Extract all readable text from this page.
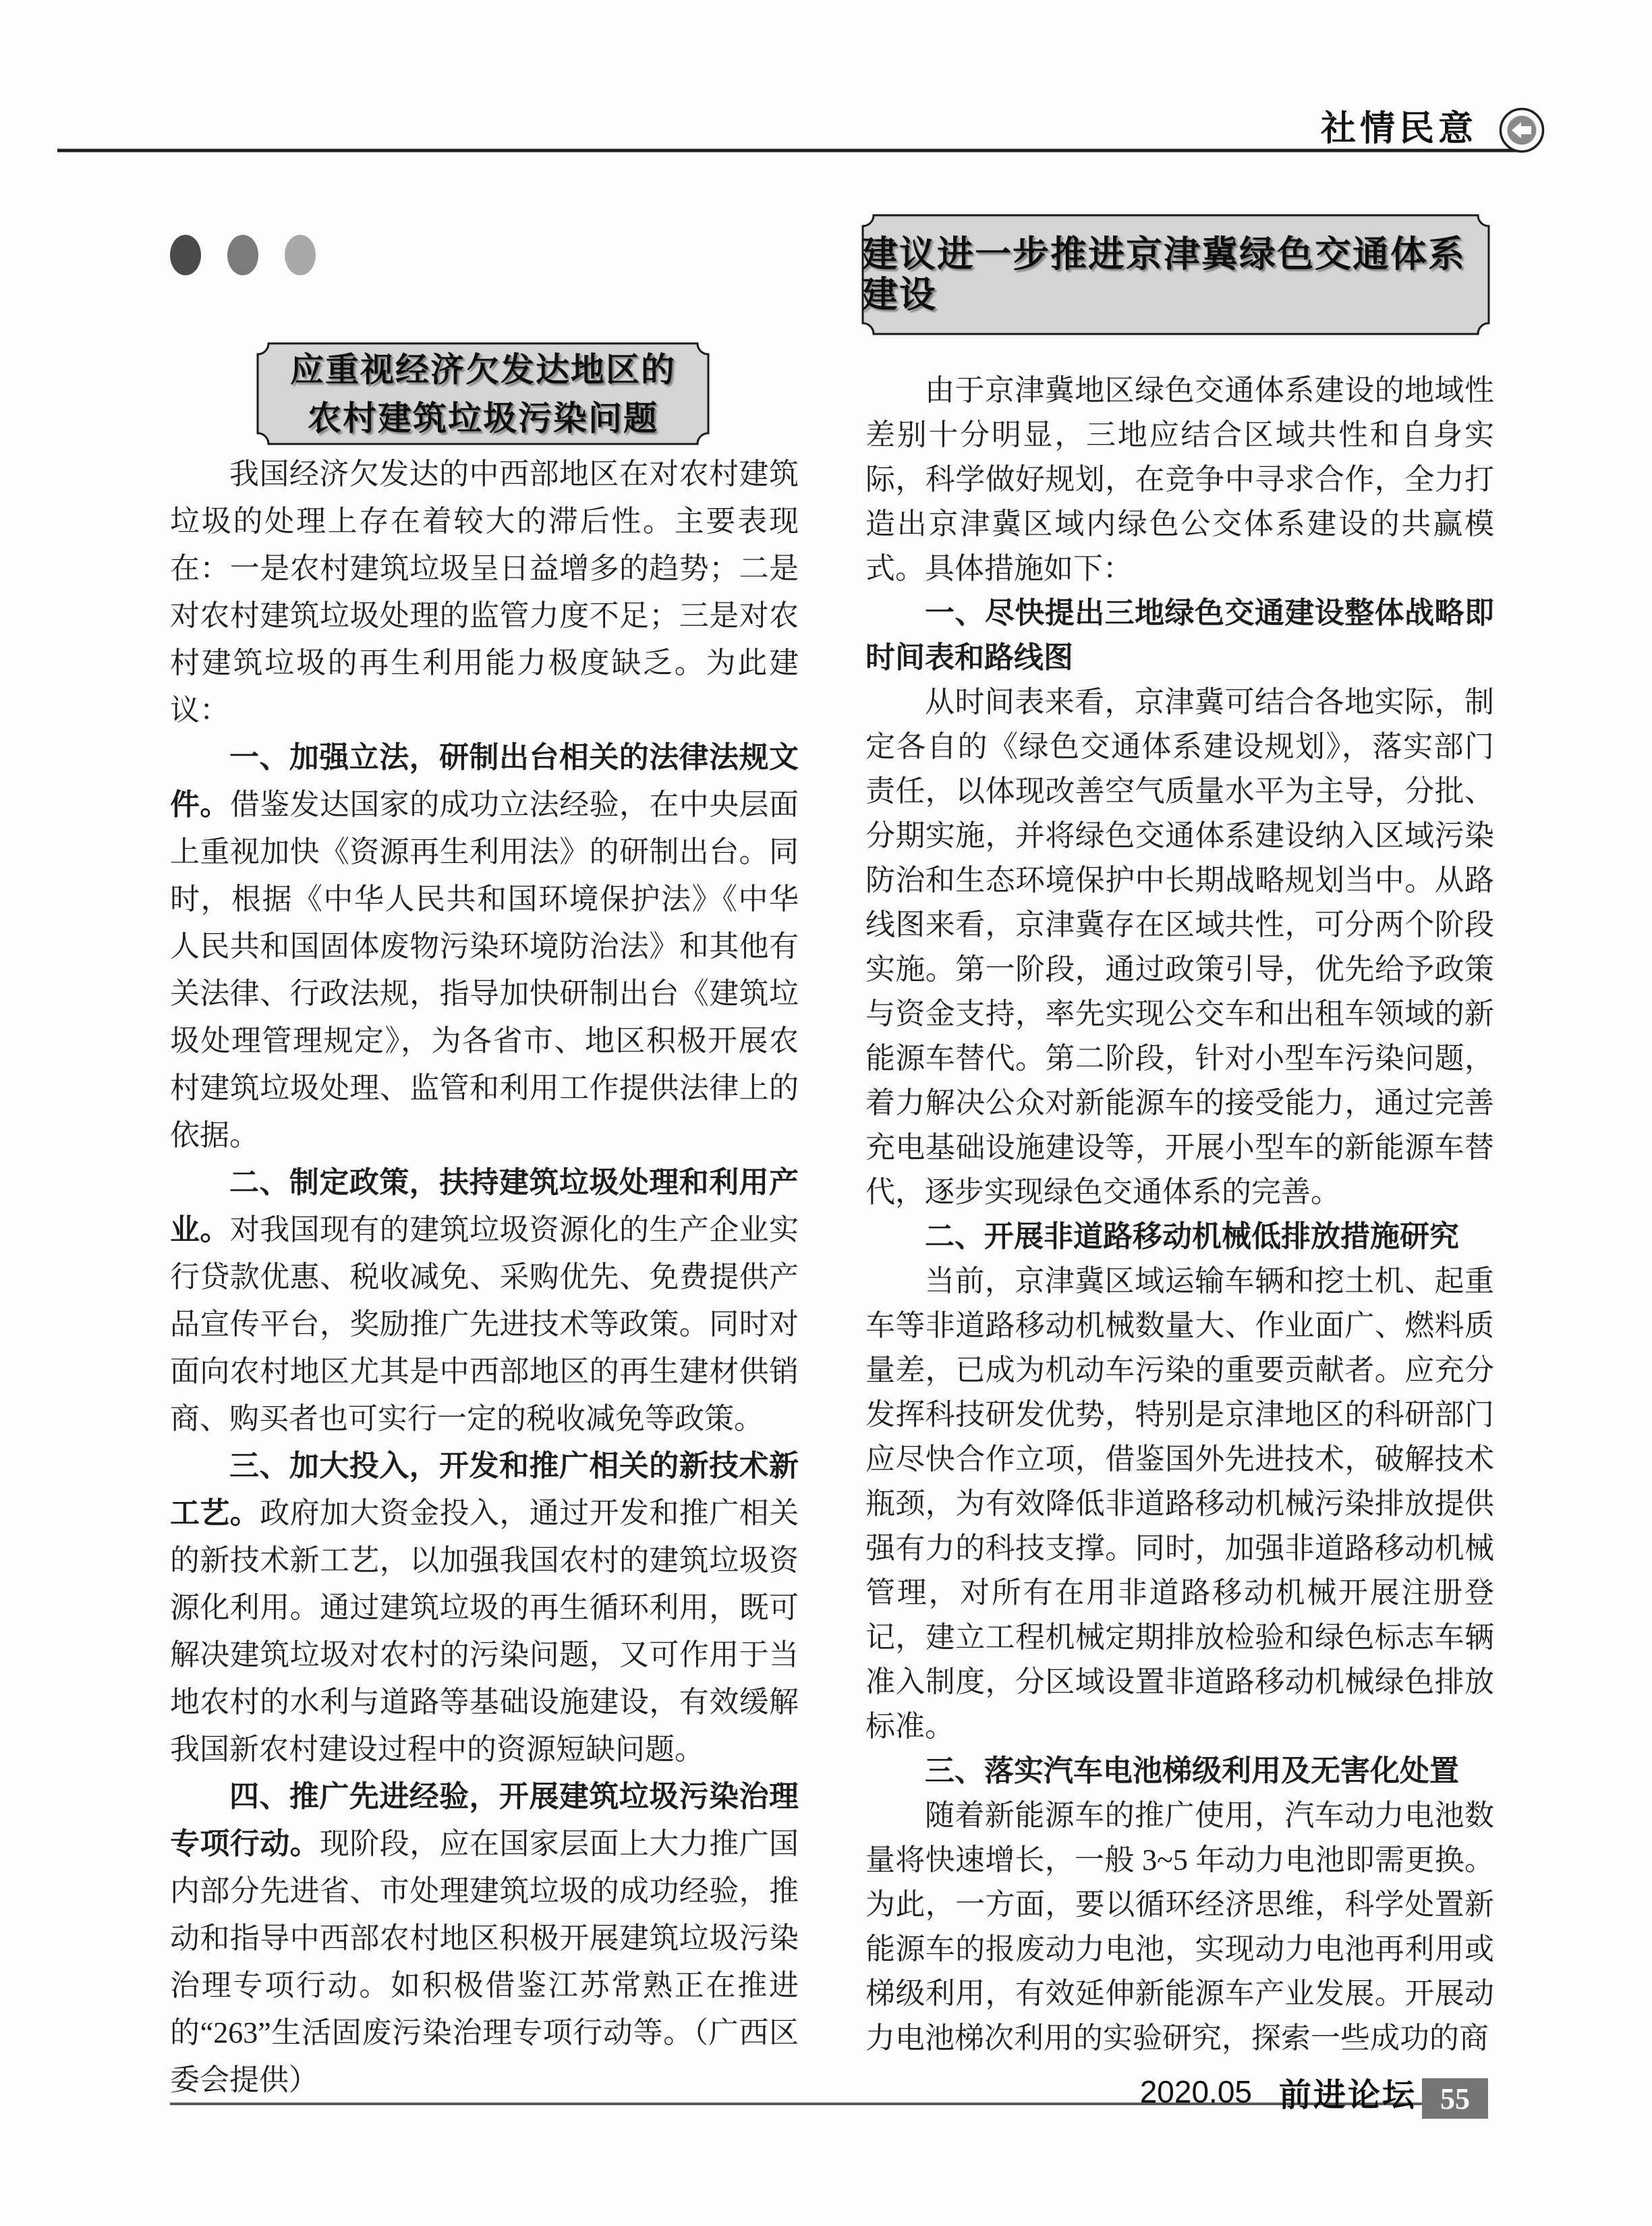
社情民意
应重视经济欠发达地区的
农村建筑垃圾污染问题
建议进一步推进京津冀绿色交通体系建设

我国经济欠发达的中西部地区在对农村建筑垃圾的处理上存在着较大的滞后性。主要表现在：一是农村建筑垃圾呈日益增多的趋势；二是对农村建筑垃圾处理的监管力度不足；三是对农村建筑垃圾的再生利用能力极度缺乏。为此建议：

一、加强立法，研制出台相关的法律法规文件。借鉴发达国家的成功立法经验，在中央层面上重视加快《资源再生利用法》的研制出台。同时，根据《中华人民共和国环境保护法》《中华人民共和国固体废物污染环境防治法》和其他有关法律、行政法规，指导加快研制出台《建筑垃圾处理管理规定》，为各省市、地区积极开展农村建筑垃圾处理、监管和利用工作提供法律上的依据。

二、制定政策，扶持建筑垃圾处理和利用产业。对我国现有的建筑垃圾资源化的生产企业实行贷款优惠、税收减免、采购优先、免费提供产品宣传平台，奖励推广先进技术等政策。同时对面向农村地区尤其是中西部地区的再生建材供销商、购买者也可实行一定的税收减免等政策。

三、加大投入，开发和推广相关的新技术新工艺。政府加大资金投入，通过开发和推广相关的新技术新工艺，以加强我国农村的建筑垃圾资源化利用。通过建筑垃圾的再生循环利用，既可解决建筑垃圾对农村的污染问题，又可作用于当地农村的水利与道路等基础设施建设，有效缓解我国新农村建设过程中的资源短缺问题。

四、推广先进经验，开展建筑垃圾污染治理专项行动。现阶段，应在国家层面上大力推广国内部分先进省、市处理建筑垃圾的成功经验，推动和指导中西部农村地区积极开展建筑垃圾污染治理专项行动。如积极借鉴江苏常熟正在推进的“263”生活固废污染治理专项行动等。（广西区委会提供）

由于京津冀地区绿色交通体系建设的地域性差别十分明显，三地应结合区域共性和自身实际，科学做好规划，在竞争中寻求合作，全力打造出京津冀区域内绿色公交体系建设的共赢模式。具体措施如下：

一、尽快提出三地绿色交通建设整体战略即时间表和路线图

从时间表来看，京津冀可结合各地实际，制定各自的《绿色交通体系建设规划》，落实部门责任，以体现改善空气质量水平为主导，分批、分期实施，并将绿色交通体系建设纳入区域污染防治和生态环境保护中长期战略规划当中。从路线图来看，京津冀存在区域共性，可分两个阶段实施。第一阶段，通过政策引导，优先给予政策与资金支持，率先实现公交车和出租车领域的新能源车替代。第二阶段，针对小型车污染问题，着力解决公众对新能源车的接受能力，通过完善充电基础设施建设等，开展小型车的新能源车替代，逐步实现绿色交通体系的完善。

二、开展非道路移动机械低排放措施研究

当前，京津冀区域运输车辆和挖土机、起重车等非道路移动机械数量大、作业面广、燃料质量差，已成为机动车污染的重要贡献者。应充分发挥科技研发优势，特别是京津地区的科研部门应尽快合作立项，借鉴国外先进技术，破解技术瓶颈，为有效降低非道路移动机械污染排放提供强有力的科技支撑。同时，加强非道路移动机械管理，对所有在用非道路移动机械开展注册登记，建立工程机械定期排放检验和绿色标志车辆准入制度，分区域设置非道路移动机械绿色排放标准。

三、落实汽车电池梯级利用及无害化处置

随着新能源车的推广使用，汽车动力电池数量将快速增长，一般 3~5 年动力电池即需更换。为此，一方面，要以循环经济思维，科学处置新能源车的报废动力电池，实现动力电池再利用或梯级利用，有效延伸新能源车产业发展。开展动力电池梯次利用的实验研究，探索一些成功的商

2020.05 前进论坛 55
